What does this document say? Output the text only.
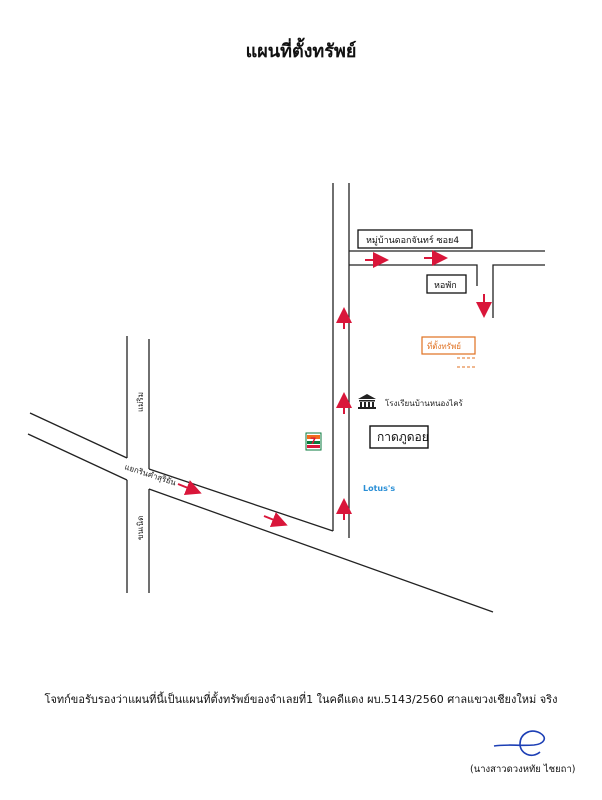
แผนที่ตั้งทรัพย์
หมู่บ้านดอกจันทร์ ซอย4
หอพัก
ที่ตั้งทรัพย์
โรงเรียนบ้านหนองไคร้
กาดภูดอย
7
Lotus's
แม่ริม
แยกรินคำสุริยัน
ขนเนิด
โจทก์ขอรับรองว่าแผนที่นี้เป็นแผนที่ตั้งทรัพย์ของจำเลยที่1 ในคดีแดง ผบ.5143/2560 ศาลแขวงเชียงใหม่ จริง
(นางสาวดวงหทัย ไชยถา)
